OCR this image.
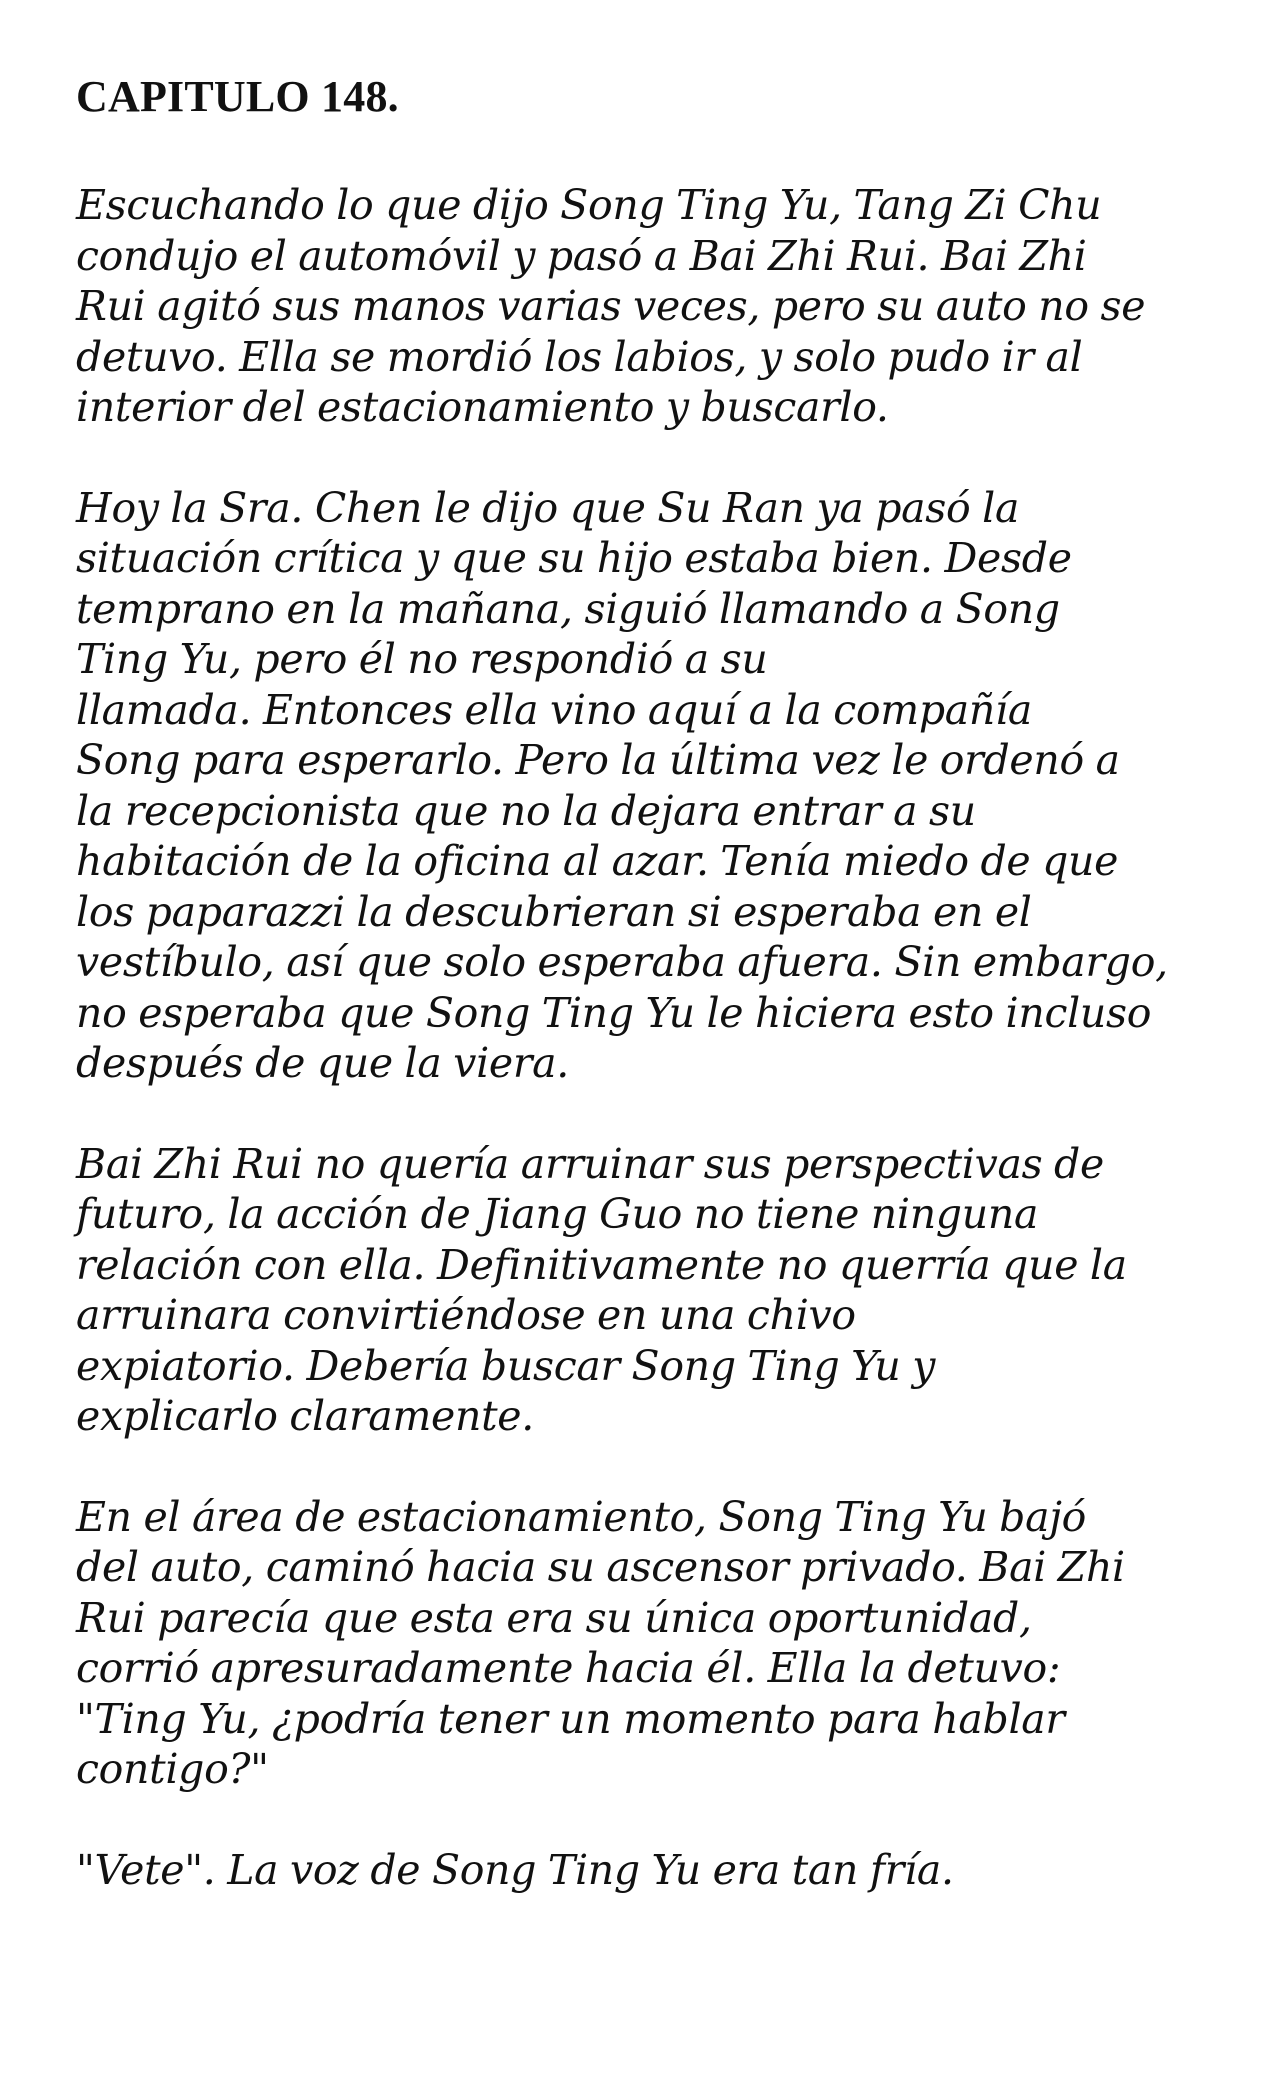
CAPITULO 148.

Escuchando lo que dijo Song Ting Yu, Tang Zi Chu
condujo el automóvil y pasó a Bai Zhi Rui. Bai Zhi
Rui agitó sus manos varias veces, pero su auto no se
detuvo. Ella se mordió los labios, y solo pudo ir al
interior del estacionamiento y buscarlo.

Hoy la Sra. Chen le dijo que Su Ran ya pasó la
situación crítica y que su hijo estaba bien. Desde
temprano en la mañana, siguió llamando a Song
Ting Yu, pero él no respondió a su
llamada. Entonces ella vino aquí a la compañía
Song para esperarlo. Pero la última vez le ordenó a
la recepcionista que no la dejara entrar a su
habitación de la oficina al azar. Tenía miedo de que
los paparazzi la descubrieran si esperaba en el
vestíbulo, así que solo esperaba afuera. Sin embargo,
no esperaba que Song Ting Yu le hiciera esto incluso
después de que la viera.

Bai Zhi Rui no quería arruinar sus perspectivas de
futuro, la acción de Jiang Guo no tiene ninguna
relación con ella. Definitivamente no querría que la
arruinara convirtiéndose en una chivo
expiatorio. Debería buscar Song Ting Yu y
explicarlo claramente.

En el área de estacionamiento, Song Ting Yu bajó
del auto, caminó hacia su ascensor privado. Bai Zhi
Rui parecía que esta era su única oportunidad,
corrió apresuradamente hacia él. Ella la detuvo:
"Ting Yu, ¿podría tener un momento para hablar
contigo?"

"Vete". La voz de Song Ting Yu era tan fría.
